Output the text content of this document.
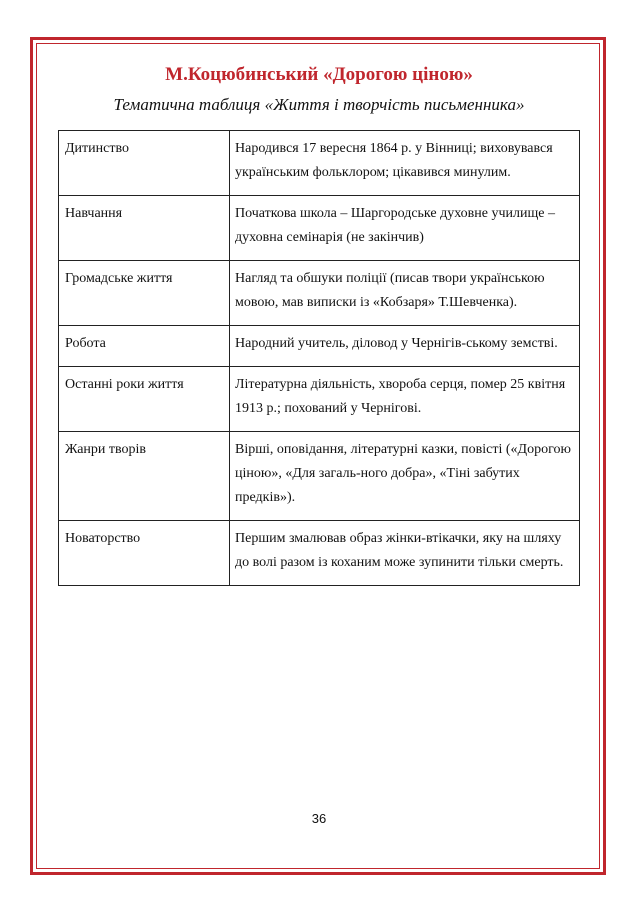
М.Коцюбинський «Дорогою ціною»
Тематична таблиця «Життя і творчість письменника»
Дитинство	Народився 17 вересня 1864 р. у Вінниці; виховувався українським фольклором; цікавився минулим.
Навчання	Початкова школа – Шаргородське духовне училище – духовна семінарія (не закінчив)
Громадське життя	Нагляд та обшуки поліції (писав твори українською мовою, мав виписки із «Кобзаря» Т.Шевченка).
Робота	Народний учитель, діловод у Чернігів-ському земстві.
Останні роки життя	Літературна діяльність, хвороба серця, помер 25 квітня 1913 р.; похований у Чернігові.
Жанри творів	Вірші, оповідання, літературні казки, повісті («Дорогою ціною», «Для загаль-ного добра», «Тіні забутих предків»).
Новаторство	Першим змалював образ жінки-втікачки, яку на шляху до волі разом із коханим може зупинити тільки смерть.
36
